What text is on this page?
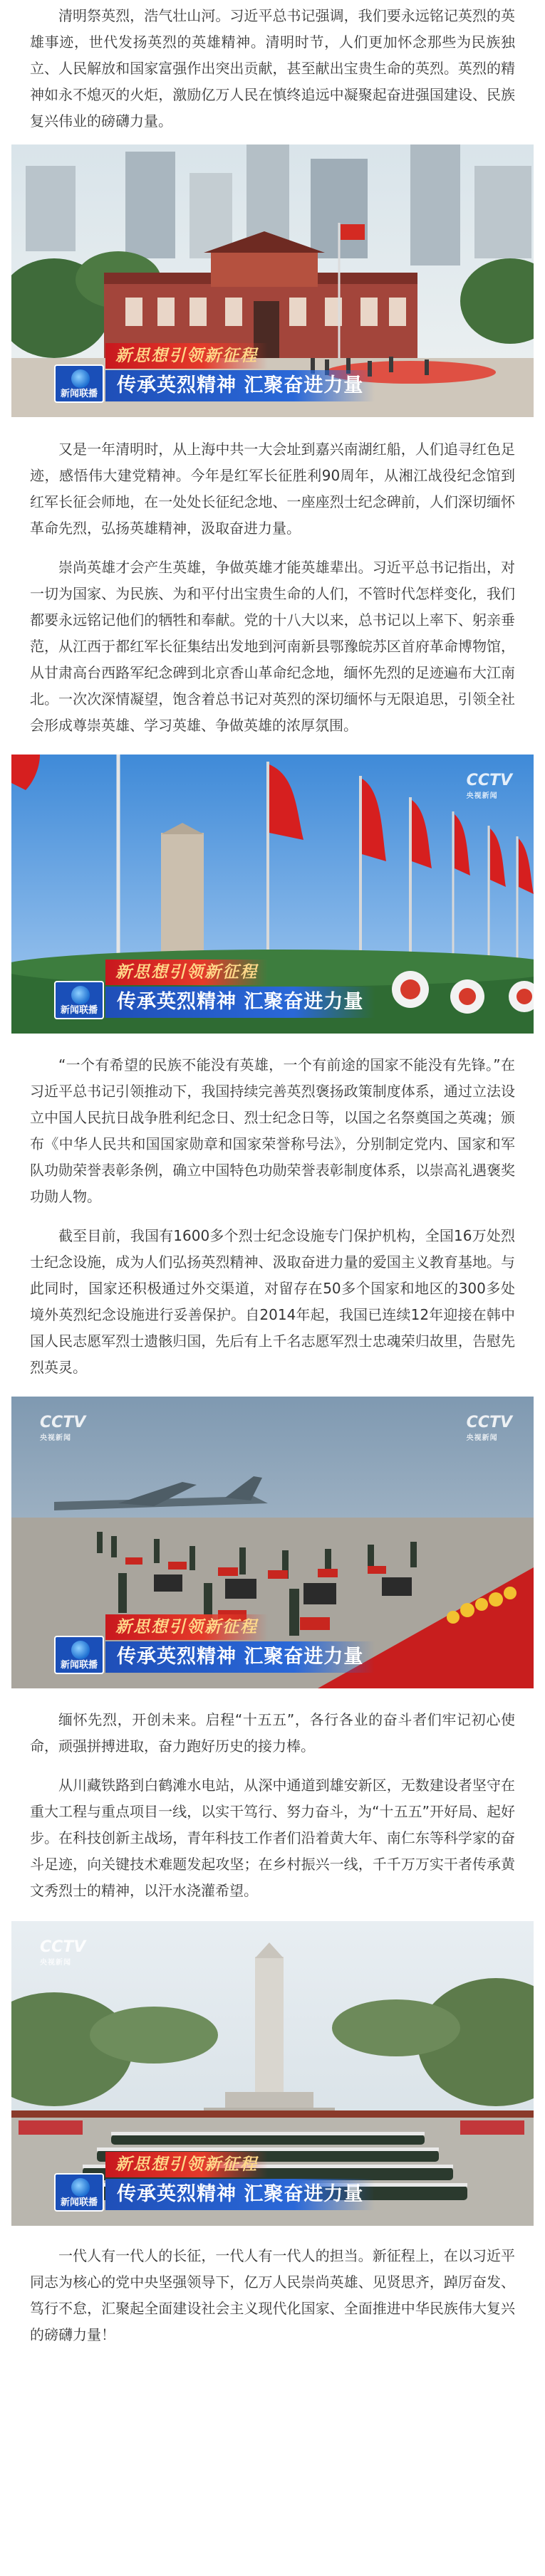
清明祭英烈，浩气壮山河。习近平总书记强调，我们要永远铭记英烈的英雄事迹，世代发扬英烈的英雄精神。清明时节，人们更加怀念那些为民族独立、人民解放和国家富强作出突出贡献，甚至献出宝贵生命的英烈。英烈的精神如永不熄灭的火炬，激励亿万人民在慎终追远中凝聚起奋进强国建设、民族复兴伟业的磅礴力量。

新闻联播
新思想引领新征程
传承英烈精神 汇聚奋进力量

又是一年清明时，从上海中共一大会址到嘉兴南湖红船，人们追寻红色足迹，感悟伟大建党精神。今年是红军长征胜利90周年，从湘江战役纪念馆到红军长征会师地，在一处处长征纪念地、一座座烈士纪念碑前，人们深切缅怀革命先烈，弘扬英雄精神，汲取奋进力量。

崇尚英雄才会产生英雄，争做英雄才能英雄辈出。习近平总书记指出，对一切为国家、为民族、为和平付出宝贵生命的人们，不管时代怎样变化，我们都要永远铭记他们的牺牲和奉献。党的十八大以来，总书记以上率下、躬亲垂范，从江西于都红军长征集结出发地到河南新县鄂豫皖苏区首府革命博物馆，从甘肃高台西路军纪念碑到北京香山革命纪念地，缅怀先烈的足迹遍布大江南北。一次次深情凝望，饱含着总书记对英烈的深切缅怀与无限追思，引领全社会形成尊崇英雄、学习英雄、争做英雄的浓厚氛围。

CCTV
央视新闻
新闻联播
新思想引领新征程
传承英烈精神 汇聚奋进力量

“一个有希望的民族不能没有英雄，一个有前途的国家不能没有先锋。”在习近平总书记引领推动下，我国持续完善英烈褒扬政策制度体系，通过立法设立中国人民抗日战争胜利纪念日、烈士纪念日等，以国之名祭奠国之英魂；颁布《中华人民共和国国家勋章和国家荣誉称号法》，分别制定党内、国家和军队功勋荣誉表彰条例，确立中国特色功勋荣誉表彰制度体系，以崇高礼遇褒奖功勋人物。

截至目前，我国有1600多个烈士纪念设施专门保护机构，全国16万处烈士纪念设施，成为人们弘扬英烈精神、汲取奋进力量的爱国主义教育基地。与此同时，国家还积极通过外交渠道，对留存在50多个国家和地区的300多处境外英烈纪念设施进行妥善保护。自2014年起，我国已连续12年迎接在韩中国人民志愿军烈士遗骸归国，先后有上千名志愿军烈士忠魂荣归故里，告慰先烈英灵。

CCTV
央视新闻
CCTV
央视新闻
新闻联播
新思想引领新征程
传承英烈精神 汇聚奋进力量

缅怀先烈，开创未来。启程“十五五”，各行各业的奋斗者们牢记初心使命，顽强拼搏进取，奋力跑好历史的接力棒。

从川藏铁路到白鹤滩水电站，从深中通道到雄安新区，无数建设者坚守在重大工程与重点项目一线，以实干笃行、努力奋斗，为“十五五”开好局、起好步。在科技创新主战场，青年科技工作者们沿着黄大年、南仁东等科学家的奋斗足迹，向关键技术难题发起攻坚；在乡村振兴一线，千千万万实干者传承黄文秀烈士的精神，以汗水浇灌希望。

CCTV
央视新闻
新闻联播
新思想引领新征程
传承英烈精神 汇聚奋进力量

一代人有一代人的长征，一代人有一代人的担当。新征程上，在以习近平同志为核心的党中央坚强领导下，亿万人民崇尚英雄、见贤思齐，踔厉奋发、笃行不怠，汇聚起全面建设社会主义现代化国家、全面推进中华民族伟大复兴的磅礴力量！
